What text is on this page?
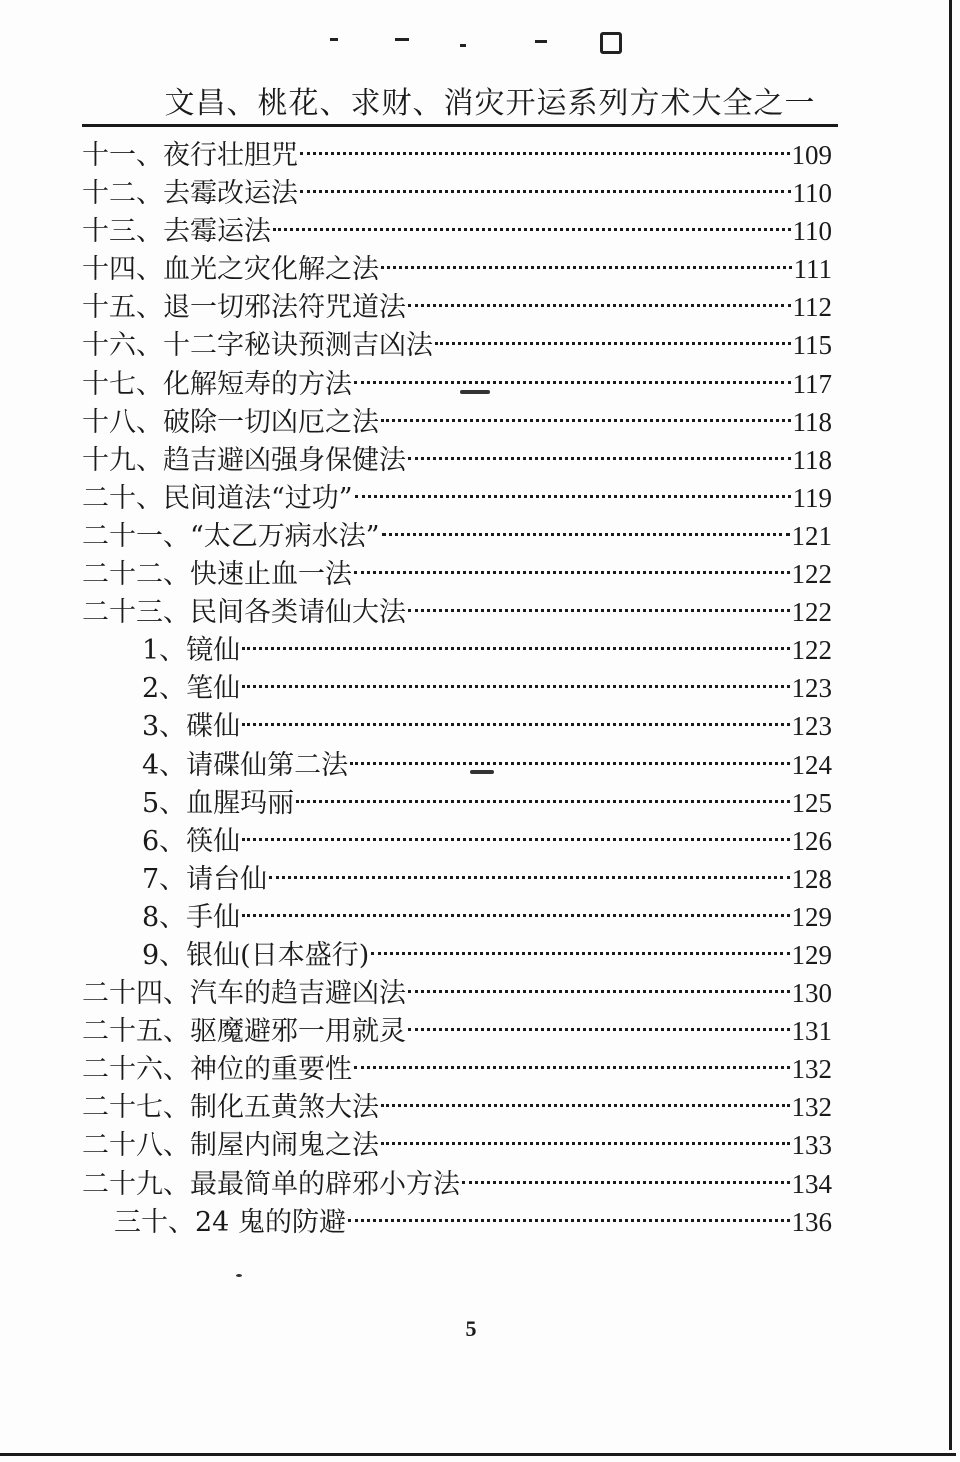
文昌、桃花、求财、消灾开运系列方术大全之一
十一、夜行壮胆咒	109
十二、去霉改运法	110
十三、去霉运法	110
十四、血光之灾化解之法	111
十五、退一切邪法符咒道法	112
十六、十二字秘诀预测吉凶法	115
十七、化解短寿的方法	117
十八、破除一切凶厄之法	118
十九、趋吉避凶强身保健法	118
二十、民间道法“过功”	119
二十一、“太乙万病水法”	121
二十二、快速止血一法	122
二十三、民间各类请仙大法	122
1、镜仙	122
2、笔仙	123
3、碟仙	123
4、请碟仙第二法	124
5、血腥玛丽	125
6、筷仙	126
7、请台仙	128
8、手仙	129
9、银仙(日本盛行)	129
二十四、汽车的趋吉避凶法	130
二十五、驱魔避邪一用就灵	131
二十六、神位的重要性	132
二十七、制化五黄煞大法	132
二十八、制屋内闹鬼之法	133
二十九、最最简单的辟邪小方法	134
三十、24 鬼的防避	136
5
